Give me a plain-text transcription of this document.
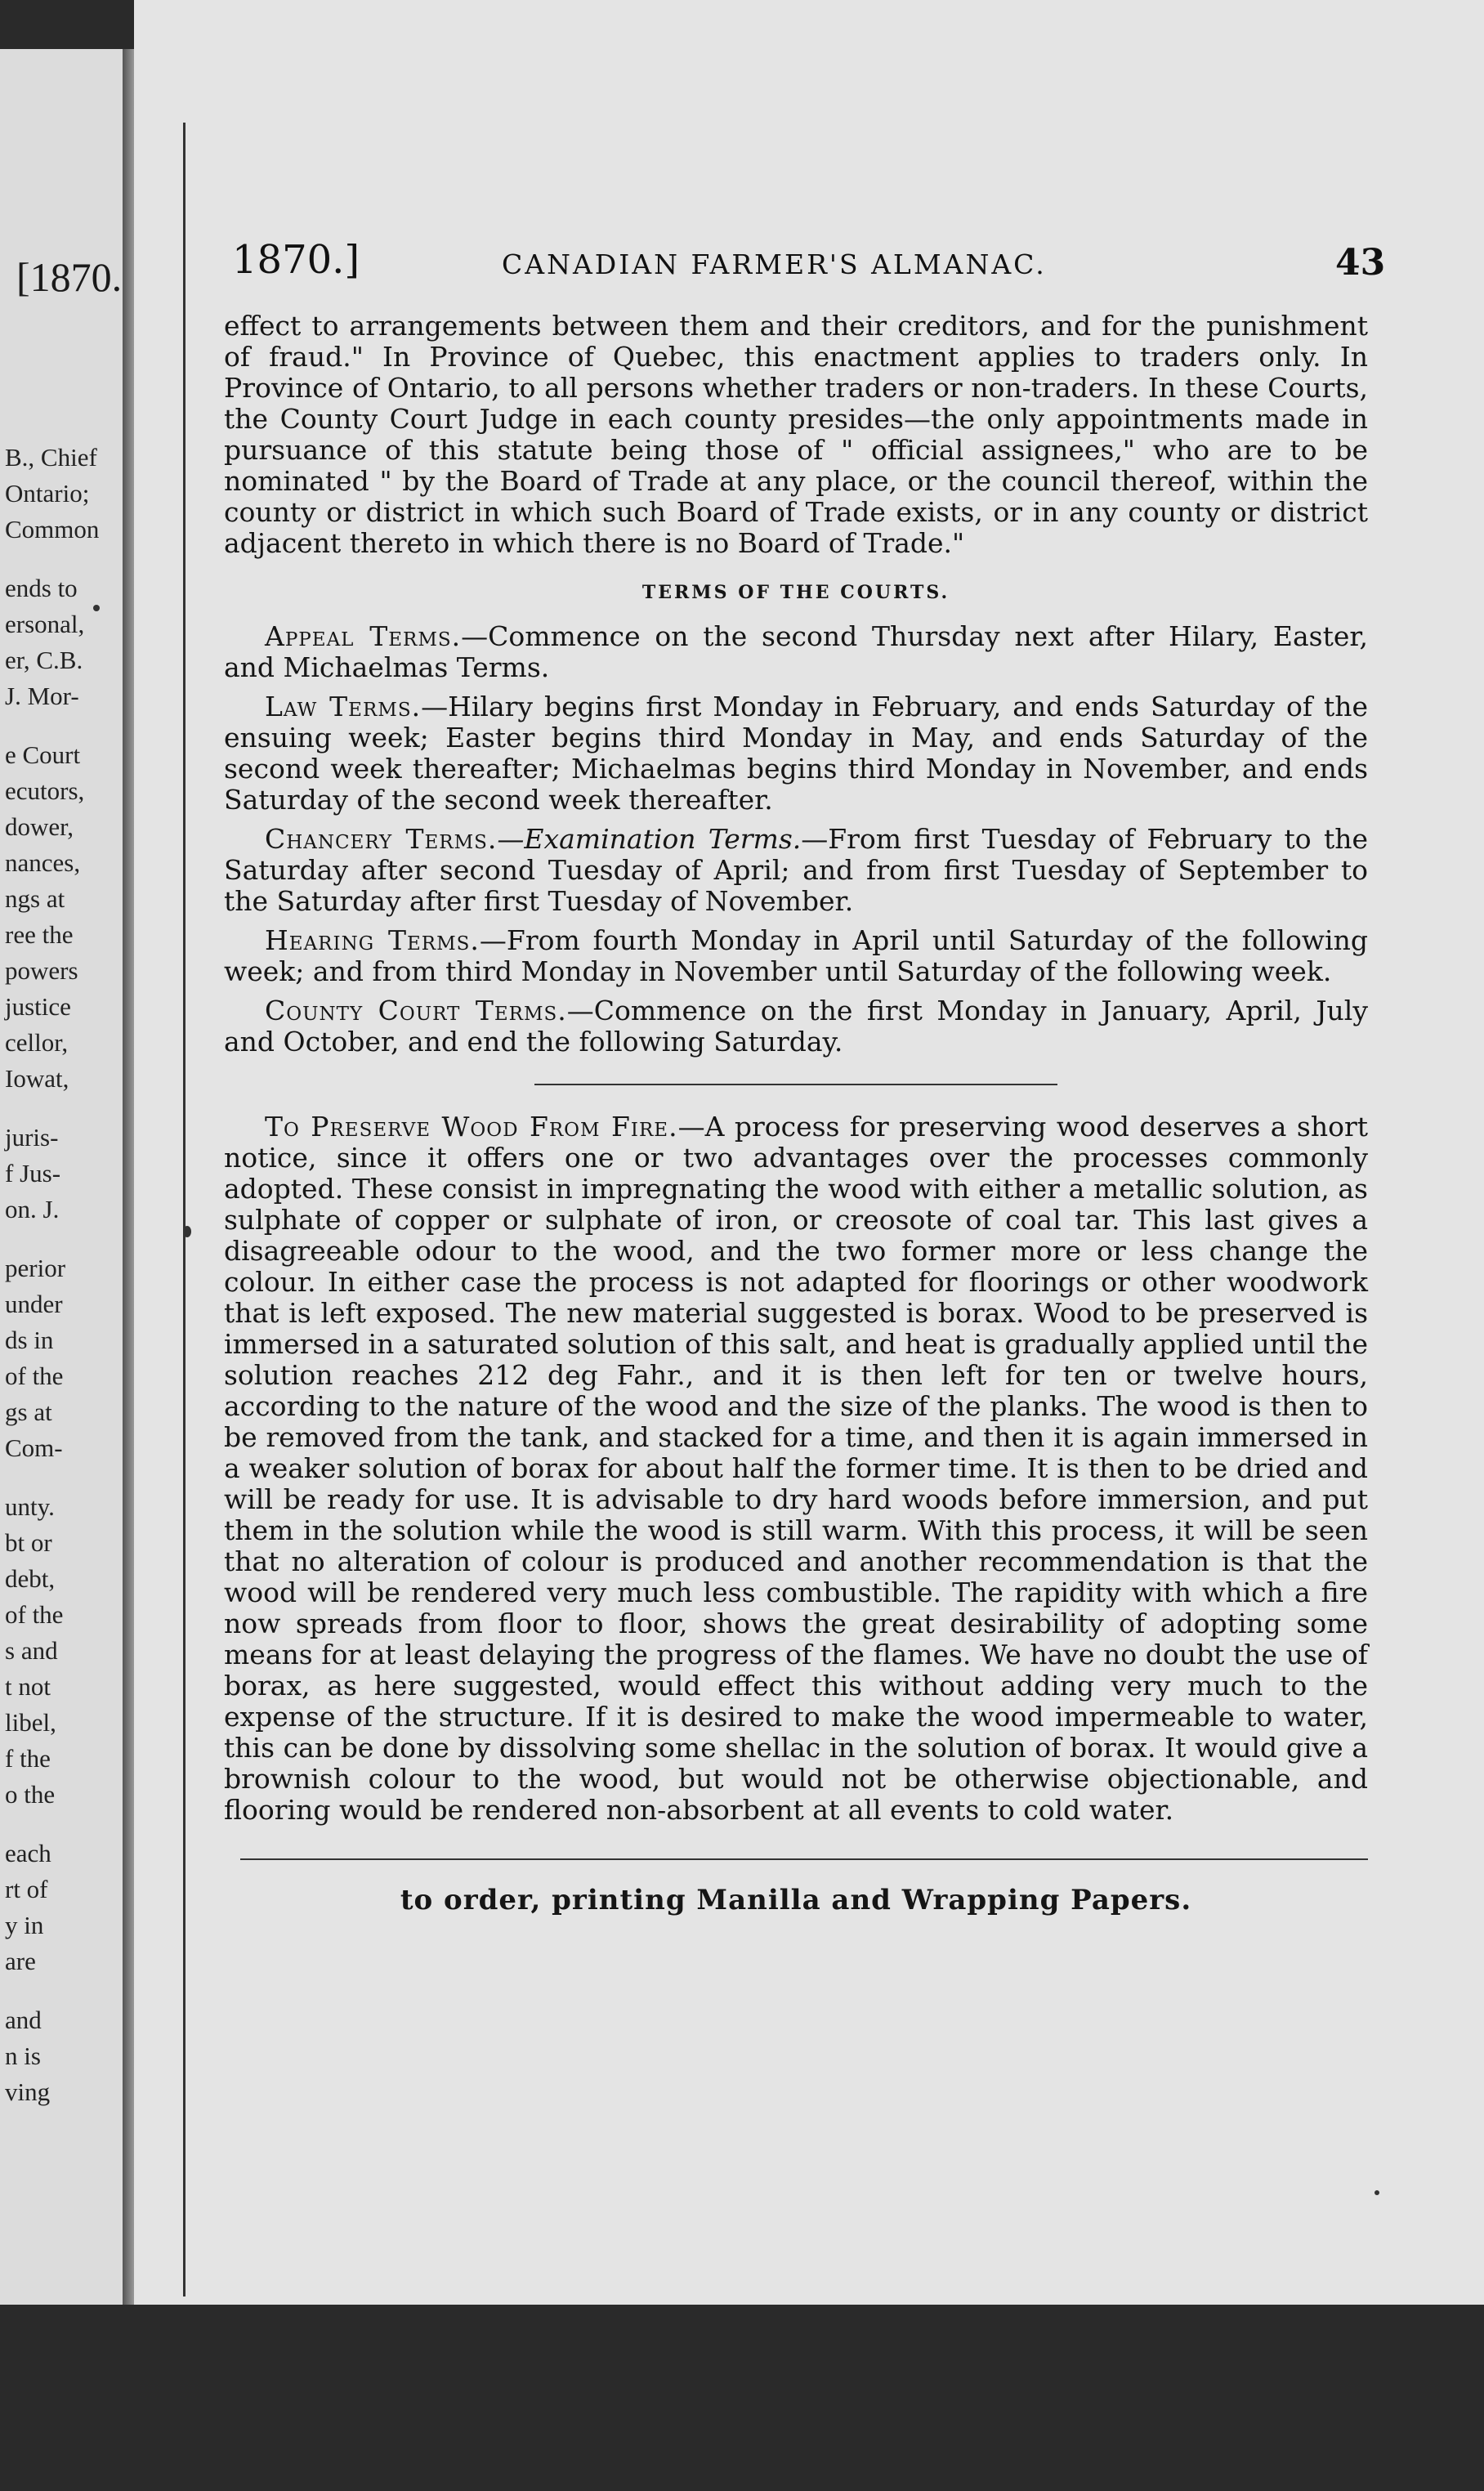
[1870.
B., Chief
Ontario;
Common
ends to
ersonal,
er, C.B.
J. Mor-
e Court
ecutors,
dower,
nances,
ngs at
ree the
powers
justice
cellor,
Iowat,
juris-
f Jus-
on. J.
perior
under
ds in
of the
gs at
Com-
unty.
bt or
debt,
of the
s and
t not
libel,
f the
o the
each
rt of
y in
are
and
n is
ving
1870.]	CANADIAN FARMER'S ALMANAC.	43

effect to arrangements between them and their creditors, and for the punishment of fraud." In Province of Quebec, this enactment applies to traders only. In Province of Ontario, to all persons whether traders or non-traders. In these Courts, the County Court Judge in each county presides—the only appointments made in pursuance of this statute being those of " official assignees," who are to be nominated " by the Board of Trade at any place, or the council thereof, within the county or district in which such Board of Trade exists, or in any county or district adjacent thereto in which there is no Board of Trade."

TERMS OF THE COURTS.

Appeal Terms.—Commence on the second Thursday next after Hilary, Easter, and Michaelmas Terms.

Law Terms.—Hilary begins first Monday in February, and ends Saturday of the ensuing week; Easter begins third Monday in May, and ends Saturday of the second week thereafter; Michaelmas begins third Monday in November, and ends Saturday of the second week thereafter.

Chancery Terms.—Examination Terms.—From first Tuesday of February to the Saturday after second Tuesday of April; and from first Tuesday of September to the Saturday after first Tuesday of November.

Hearing Terms.—From fourth Monday in April until Saturday of the following week; and from third Monday in November until Saturday of the following week.

County Court Terms.—Commence on the first Monday in January, April, July and October, and end the following Saturday.

To Preserve Wood From Fire.—A process for preserving wood deserves a short notice, since it offers one or two advantages over the processes commonly adopted. These consist in impregnating the wood with either a metallic solution, as sulphate of copper or sulphate of iron, or creosote of coal tar. This last gives a disagreeable odour to the wood, and the two former more or less change the colour. In either case the process is not adapted for floorings or other woodwork that is left exposed. The new material suggested is borax. Wood to be preserved is immersed in a saturated solution of this salt, and heat is gradually applied until the solution reaches 212 deg Fahr., and it is then left for ten or twelve hours, according to the nature of the wood and the size of the planks. The wood is then to be removed from the tank, and stacked for a time, and then it is again immersed in a weaker solution of borax for about half the former time. It is then to be dried and will be ready for use. It is advisable to dry hard woods before immersion, and put them in the solution while the wood is still warm. With this process, it will be seen that no alteration of colour is produced and another recommendation is that the wood will be rendered very much less combustible. The rapidity with which a fire now spreads from floor to floor, shows the great desirability of adopting some means for at least delaying the progress of the flames. We have no doubt the use of borax, as here suggested, would effect this without adding very much to the expense of the structure. If it is desired to make the wood impermeable to water, this can be done by dissolving some shellac in the solution of borax. It would give a brownish colour to the wood, but would not be otherwise objectionable, and flooring would be rendered non-absorbent at all events to cold water.

to order, printing Manilla and Wrapping Papers.
